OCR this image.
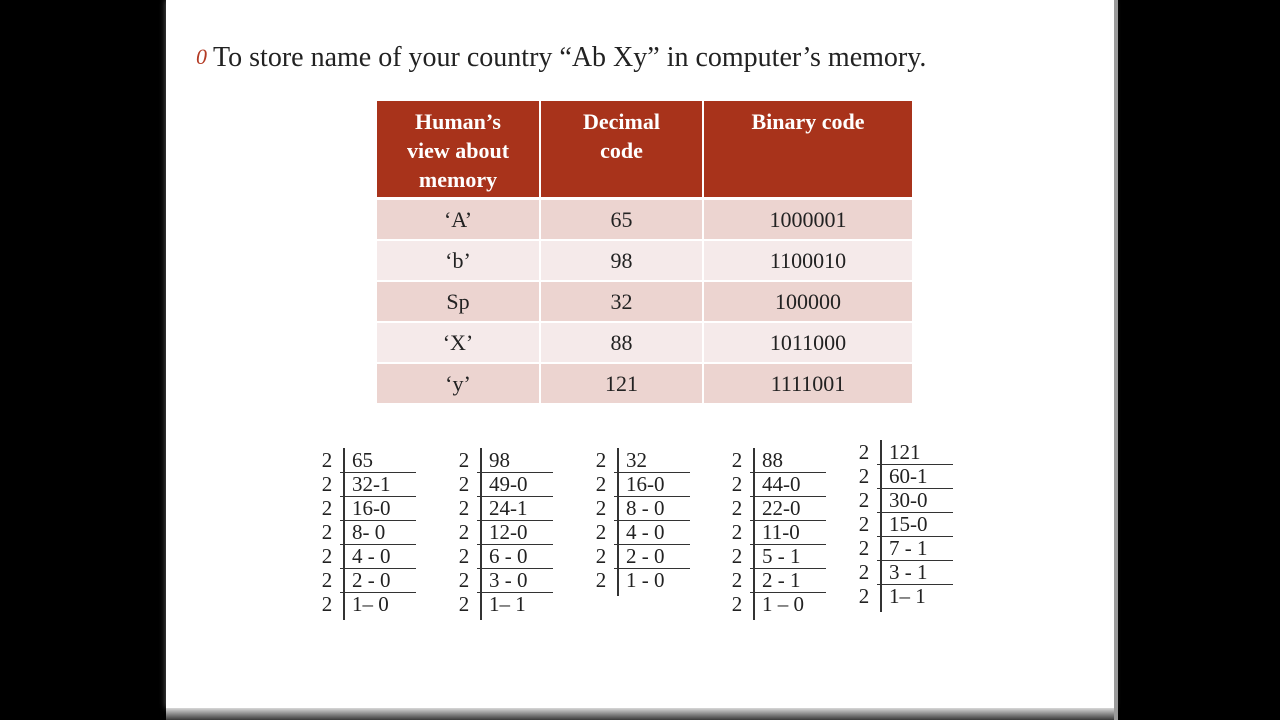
0 To store name of your country “Ab Xy” in computer’s memory.
Human’s view about memory	Decimal code	Binary code
‘A’	65	1000001
‘b’	98	1100010
Sp	32	100000
‘X’	88	1011000
‘y’	121	1111001
2 65
2 32-1
2 16-0
2 8- 0
2 4 - 0
2 2 - 0
2 1– 0
2 98
2 49-0
2 24-1
2 12-0
2 6 - 0
2 3 - 0
2 1– 1
2 32
2 16-0
2 8 - 0
2 4 - 0
2 2 - 0
2 1 - 0
2 88
2 44-0
2 22-0
2 11-0
2 5 - 1
2 2 - 1
2 1 – 0
2 121
2 60-1
2 30-0
2 15-0
2 7 - 1
2 3 - 1
2 1– 1
